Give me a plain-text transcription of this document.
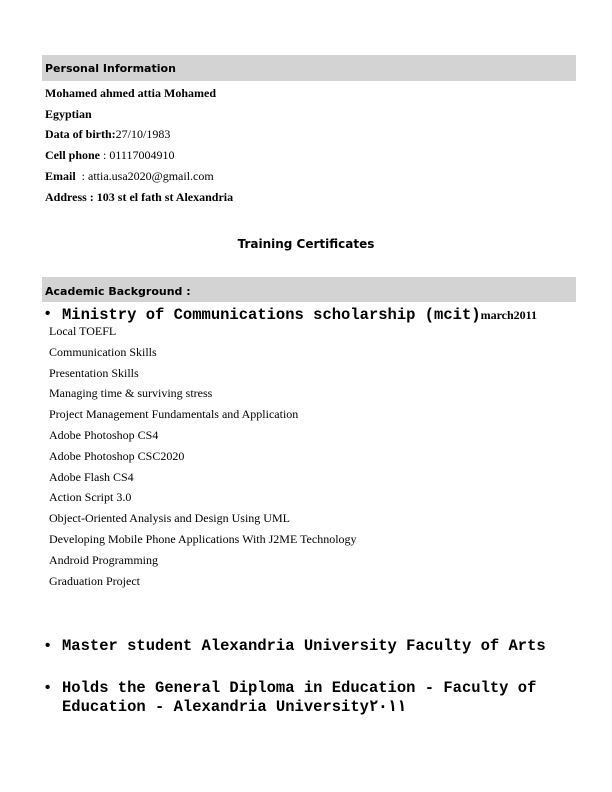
Personal Information
Mohamed ahmed attia Mohamed
Egyptian
Data of birth:27/10/1983
Cell phone : 01117004910
Email  : attia.usa2020@gmail.com
Address : 103 st el fath st Alexandria
Training Certificates
Academic Background :
• Ministry of Communications scholarship (mcit)march2011
Local TOEFL
Communication Skills
Presentation Skills
Managing time & surviving stress
Project Management Fundamentals and Application
Adobe Photoshop CS4
Adobe Photoshop CSC2020
Adobe Flash CS4
Action Script 3.0
Object-Oriented Analysis and Design Using UML
Developing Mobile Phone Applications With J2ME Technology
Android Programming
Graduation Project
• Master student Alexandria University Faculty of Arts
• Holds the General Diploma in Education - Faculty of
Education - Alexandria University٢٠١١
